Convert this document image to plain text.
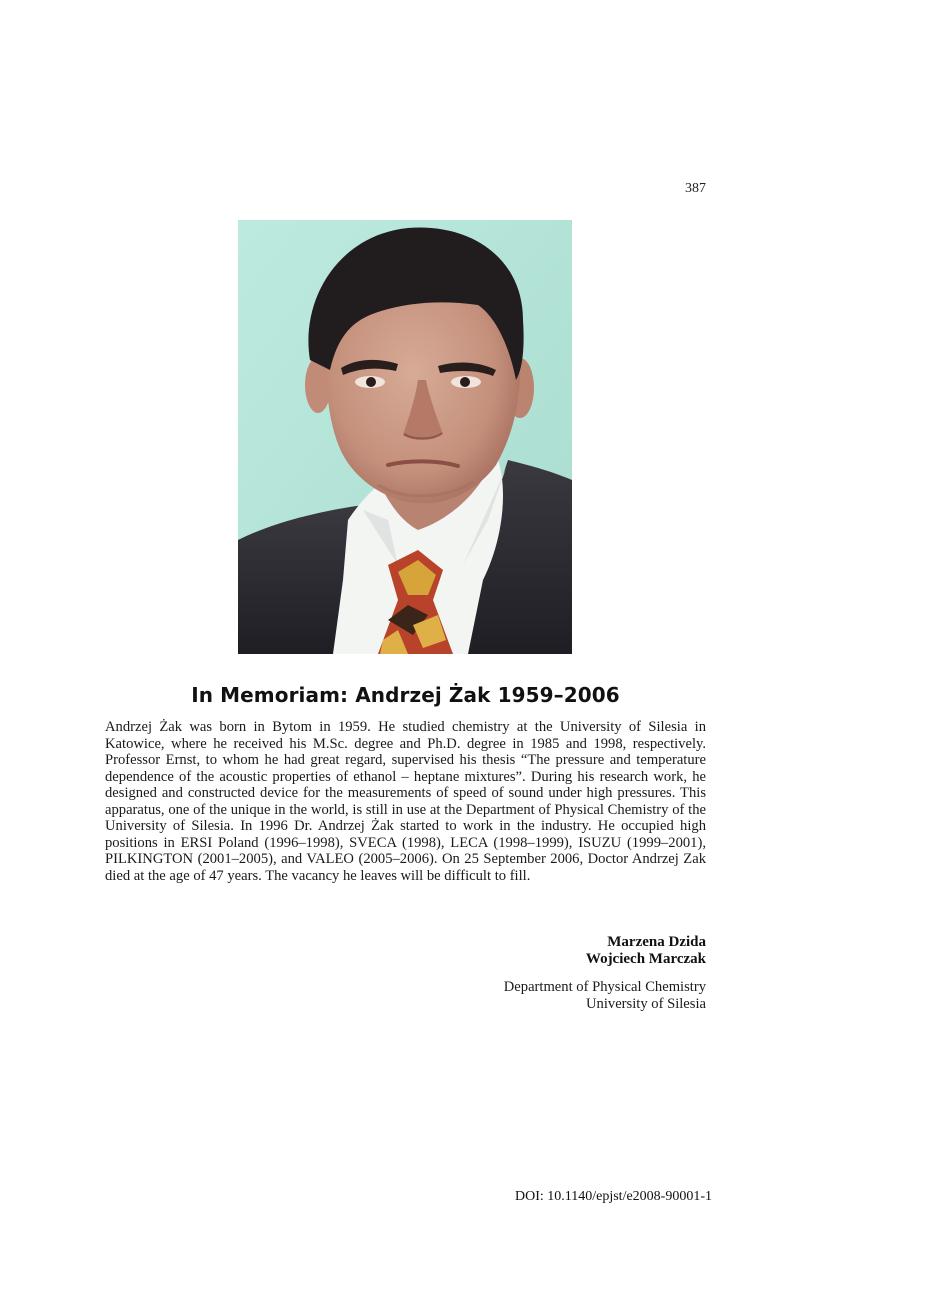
387
In Memoriam: Andrzej Żak 1959–2006

Andrzej Żak was born in Bytom in 1959. He studied chemistry at the University of Silesia in Katowice, where he received his M.Sc. degree and Ph.D. degree in 1985 and 1998, respectively. Professor Ernst, to whom he had great regard, supervised his thesis “The pressure and temperature dependence of the acoustic properties of ethanol – heptane mixtures”. During his research work, he designed and constructed device for the measurements of speed of sound under high pressures. This apparatus, one of the unique in the world, is still in use at the Department of Physical Chemistry of the University of Silesia. In 1996 Dr. Andrzej Żak started to work in the industry. He occupied high positions in ERSI Poland (1996–1998), SVECA (1998), LECA (1998–1999), ISUZU (1999–2001), PILKINGTON (2001–2005), and VALEO (2005–2006). On 25 September 2006, Doctor Andrzej Zak died at the age of 47 years. The vacancy he leaves will be difficult to fill.

Marzena Dzida
Wojciech Marczak
Department of Physical Chemistry
University of Silesia
DOI: 10.1140/epjst/e2008-90001-1
